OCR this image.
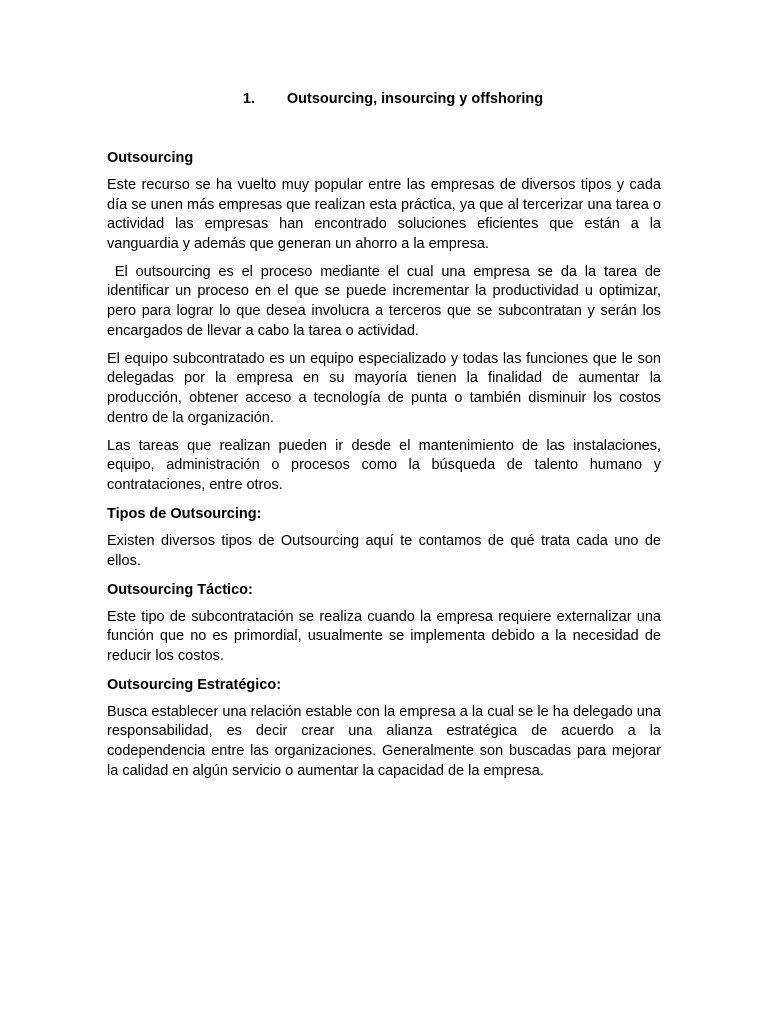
1.	Outsourcing, insourcing y offshoring

Outsourcing

Este recurso se ha vuelto muy popular entre las empresas de diversos tipos y cada día se unen más empresas que realizan esta práctica, ya que al tercerizar una tarea o actividad las empresas han encontrado soluciones eficientes que están a la vanguardia y además que generan un ahorro a la empresa.

El outsourcing es el proceso mediante el cual una empresa se da la tarea de identificar un proceso en el que se puede incrementar la productividad u optimizar, pero para lograr lo que desea involucra a terceros que se subcontratan y serán los encargados de llevar a cabo la tarea o actividad.

El equipo subcontratado es un equipo especializado y todas las funciones que le son delegadas por la empresa en su mayoría tienen la finalidad de aumentar la producción, obtener acceso a tecnología de punta o también disminuir los costos dentro de la organización.

Las tareas que realizan pueden ir desde el mantenimiento de las instalaciones, equipo, administración o procesos como la búsqueda de talento humano y contrataciones, entre otros.

Tipos de Outsourcing:

Existen diversos tipos de Outsourcing aquí te contamos de qué trata cada uno de ellos.

Outsourcing Táctico:

Este tipo de subcontratación se realiza cuando la empresa requiere externalizar una función que no es primordial, usualmente se implementa debido a la necesidad de reducir los costos.

Outsourcing Estratégico:

Busca establecer una relación estable con la empresa a la cual se le ha delegado una responsabilidad, es decir crear una alianza estratégica de acuerdo a la codependencia entre las organizaciones. Generalmente son buscadas para mejorar la calidad en algún servicio o aumentar la capacidad de la empresa.
